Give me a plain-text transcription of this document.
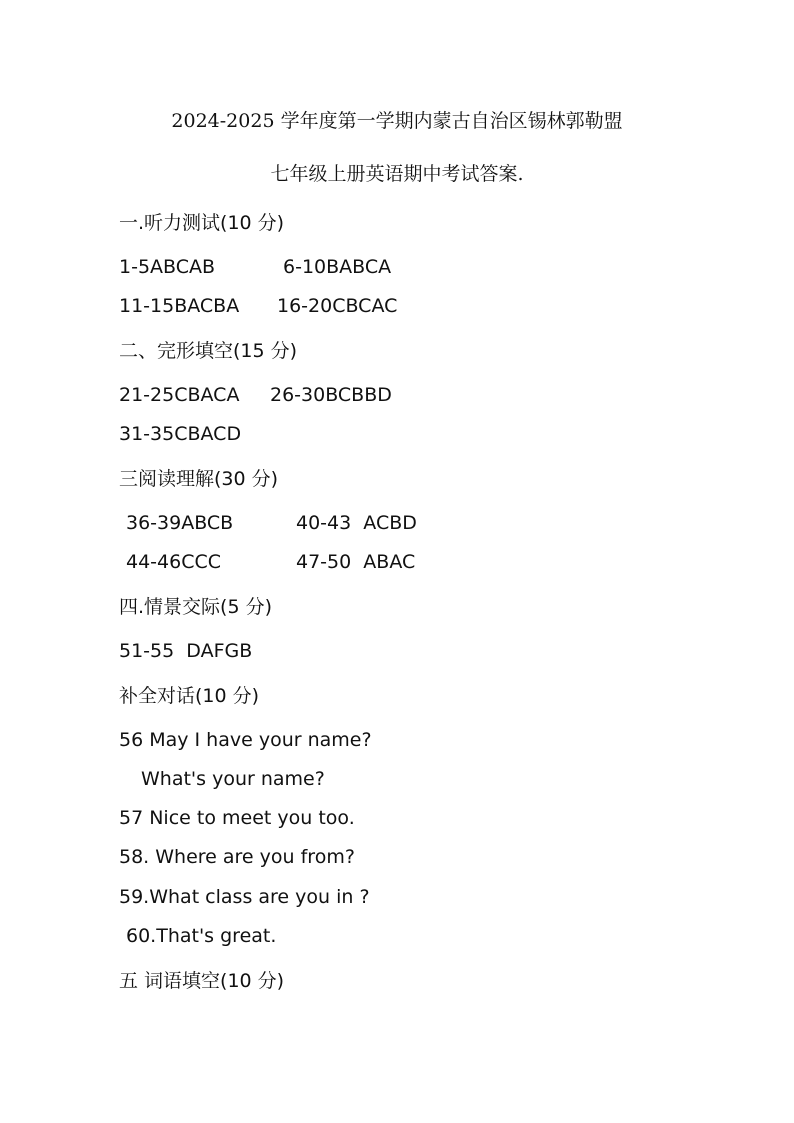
2024-2025 学年度第一学期内蒙古自治区锡林郭勒盟
七年级上册英语期中考试答案.
一.听力测试(10 分)
1-5ABCAB	6-10BABCA
11-15BACBA 16-20CBCAC
二、完形填空(15 分)
21-25CBACA 26-30BCBBD
31-35CBACD
三阅读理解(30 分)
36-39ABCB	40-43  ACBD
44-46CCC	47-50  ABAC
四.情景交际(5 分)
51-55  DAFGB
补全对话(10 分)
56 May I have your name?
What's your name?
57 Nice to meet you too.
58. Where are you from?
59.What class are you in ?
60.That's great.
五 词语填空(10 分)
